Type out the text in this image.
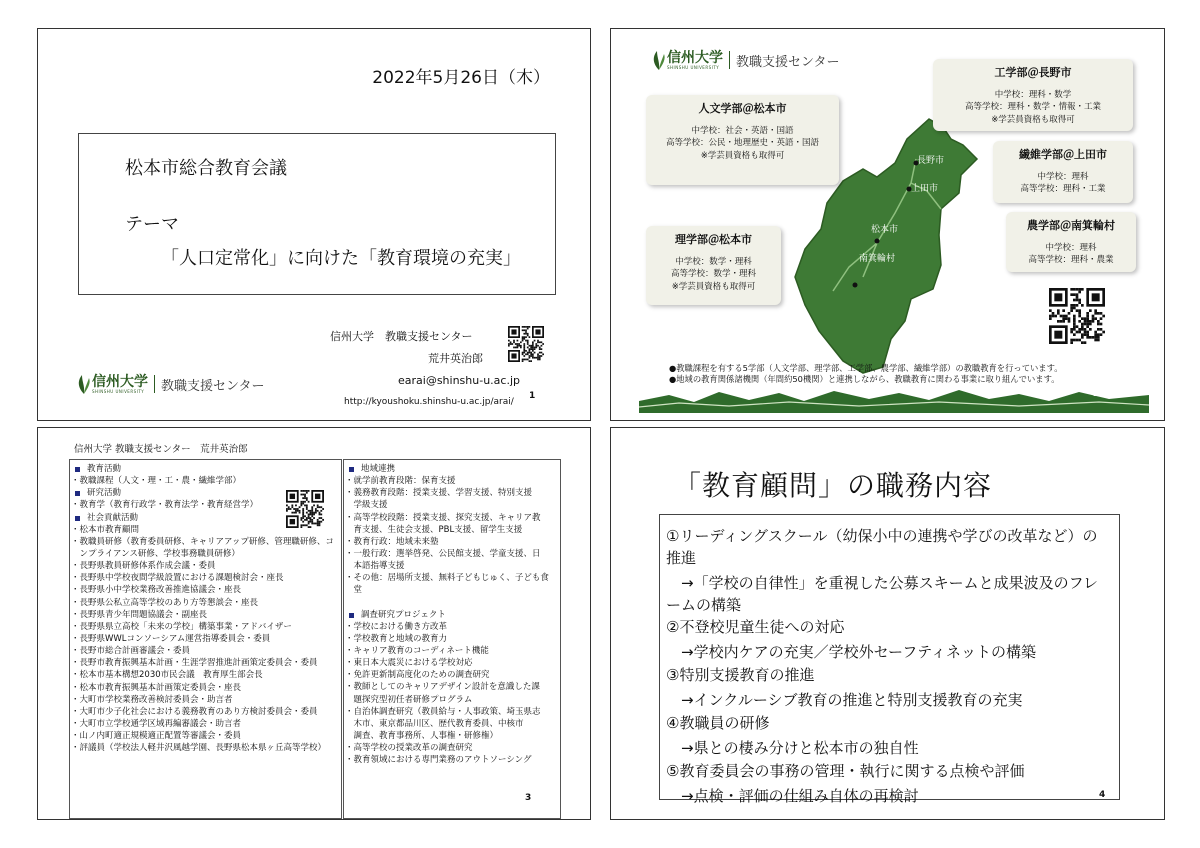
2022年5月26日（木）
松本市総合教育会議
テーマ
「人口定常化」に向けた「教育環境の充実」
信州大学　教職支援センター
荒井英治郎
earai@shinshu-u.ac.jp
http://kyoushoku.shinshu-u.ac.jp/arai/
1
信州大学
SHINSHU UNIVERSITY 教職支援センター
信州大学
SHINSHU UNIVERSITY 教職支援センター
長野市
上田市
松本市
南箕輪村
人文学部＠松本市
中学校：社会・英語・国語
高等学校：公民・地理歴史・英語・国語
※学芸員資格も取得可
理学部＠松本市
中学校：数学・理科
高等学校：数学・理科
※学芸員資格も取得可
工学部＠長野市
中学校：理科・数学
高等学校：理科・数学・情報・工業
※学芸員資格も取得可
繊維学部＠上田市
中学校：理科
高等学校：理科・工業
農学部＠南箕輪村
中学校：理科
高等学校：理科・農業
●教職課程を有する5学部（人文学部、理学部、工学部、農学部、繊維学部）の教職教育を行っています。
●地域の教育関係諸機関（年間約50機関）と連携しながら、教職教育に関わる事業に取り組んでいます。
2
信州大学 教職支援センター　荒井英治郎
教育活動
・教職課程（人文・理・工・農・繊維学部）
研究活動
・教育学（教育行政学・教育法学・教育経営学）
社会貢献活動
・松本市教育顧問
・教職員研修（教育委員研修、キャリアアップ研修、管理職研修、コ
　ンプライアンス研修、学校事務職員研修）
・長野県教員研修体系作成会議・委員
・長野県中学校夜間学級設置における課題検討会・座長
・長野県小中学校業務改善推進協議会・座長
・長野県公私立高等学校のあり方等懇談会・座長
・長野県青少年問題協議会・副座長
・長野県県立高校「未来の学校」構築事業・アドバイザー
・長野県WWLコンソーシアム運営指導委員会・委員
・長野市総合計画審議会・委員
・長野市教育振興基本計画・生涯学習推進計画策定委員会・委員
・松本市基本構想2030市民会議　教育厚生部会長
・松本市教育振興基本計画策定委員会・座長
・大町市学校業務改善検討委員会・助言者
・大町市少子化社会における義務教育のあり方検討委員会・委員
・大町市立学校通学区域再編審議会・助言者
・山ノ内町適正規模適正配置等審議会・委員
・評議員（学校法人軽井沢風越学園、長野県松本県ヶ丘高等学校）
地域連携
・就学前教育段階：保育支援
・義務教育段階：授業支援、学習支援、特別支援
　学級支援
・高等学校段階：授業支援、探究支援、キャリア教
　育支援、生徒会支援、PBL支援、留学生支援
・教育行政：地域未来塾
・一般行政：選挙啓発、公民館支援、学童支援、日
　本語指導支援
・その他：居場所支援、無料子どもじゅく、子ども食
　堂
調査研究プロジェクト
・学校における働き方改革
・学校教育と地域の教育力
・キャリア教育のコーディネート機能
・東日本大震災における学校対応
・免許更新制高度化のための調査研究
・教師としてのキャリアデザイン設計を意識した課
　題探究型初任者研修プログラム
・自治体調査研究（教員給与・人事政策、埼玉県志
　木市、東京都品川区、歴代教育委員、中核市
　調査、教育事務所、人事権・研修権）
・高等学校の授業改革の調査研究
・教育領域における専門業務のアウトソーシング
3
「教育顧問」の職務内容
①リーディングスクール（幼保小中の連携や学びの改革など）の
推進
　→「学校の自律性」を重視した公募スキームと成果波及のフレ
ームの構築
②不登校児童生徒への対応
　→学校内ケアの充実／学校外セーフティネットの構築
③特別支援教育の推進
　→インクルーシブ教育の推進と特別支援教育の充実
④教職員の研修
　→県との棲み分けと松本市の独自性
⑤教育委員会の事務の管理・執行に関する点検や評価
　→点検・評価の仕組み自体の再検討	4
